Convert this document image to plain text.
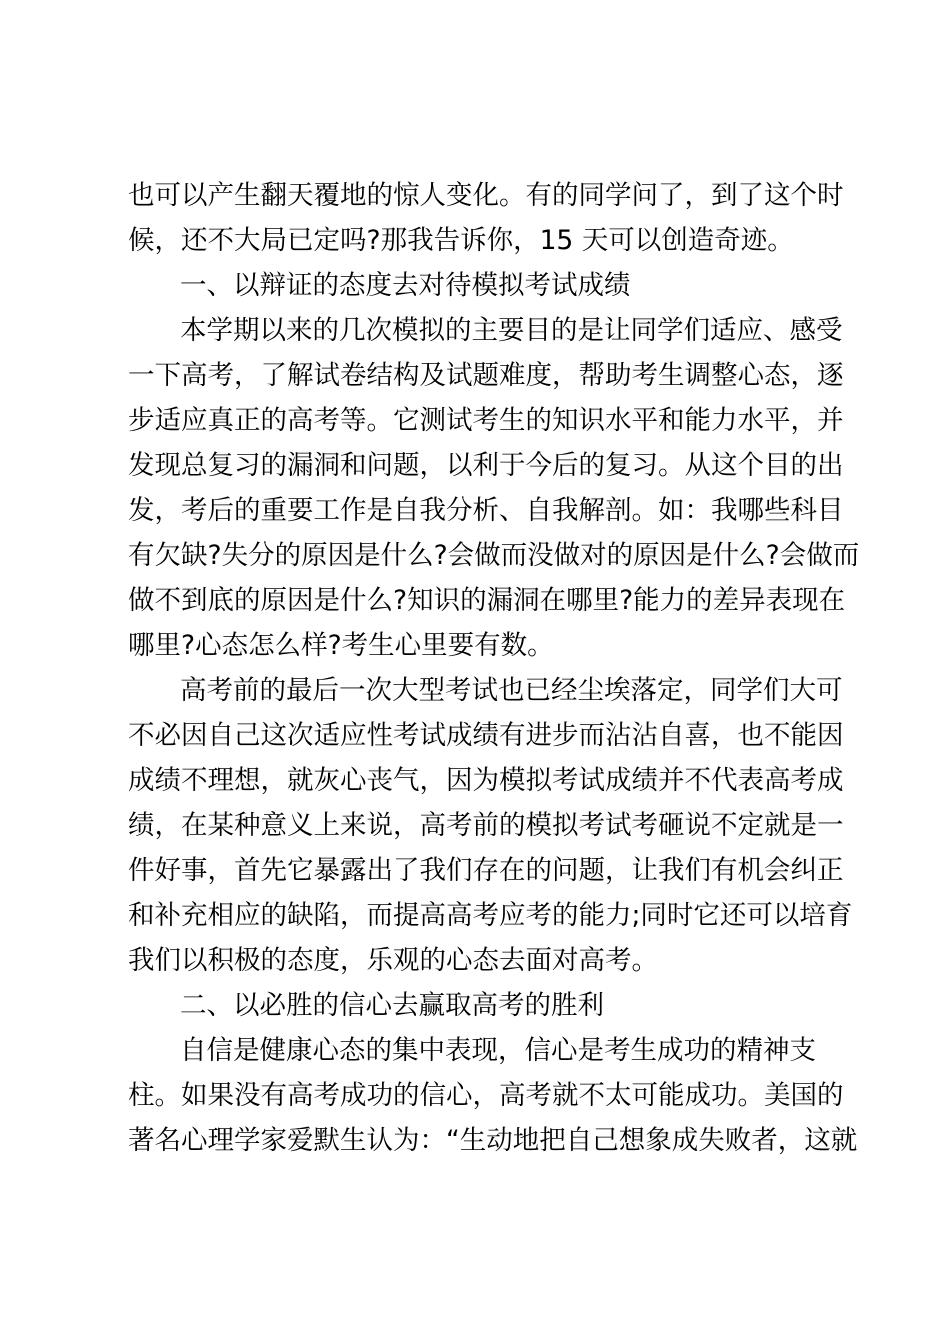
也可以产生翻天覆地的惊人变化。有的同学问了，到了这个时
候，还不大局已定吗?那我告诉你，15 天可以创造奇迹。
一、以辩证的态度去对待模拟考试成绩
本学期以来的几次模拟的主要目的是让同学们适应、感受
一下高考，了解试卷结构及试题难度，帮助考生调整心态，逐
步适应真正的高考等。它测试考生的知识水平和能力水平，并
发现总复习的漏洞和问题，以利于今后的复习。从这个目的出
发，考后的重要工作是自我分析、自我解剖。如：我哪些科目
有欠缺?失分的原因是什么?会做而没做对的原因是什么?会做而
做不到底的原因是什么?知识的漏洞在哪里?能力的差异表现在
哪里?心态怎么样?考生心里要有数。
高考前的最后一次大型考试也已经尘埃落定，同学们大可
不必因自己这次适应性考试成绩有进步而沾沾自喜，也不能因
成绩不理想，就灰心丧气，因为模拟考试成绩并不代表高考成
绩，在某种意义上来说，高考前的模拟考试考砸说不定就是一
件好事，首先它暴露出了我们存在的问题，让我们有机会纠正
和补充相应的缺陷，而提高高考应考的能力;同时它还可以培育
我们以积极的态度，乐观的心态去面对高考。
二、以必胜的信心去赢取高考的胜利
自信是健康心态的集中表现，信心是考生成功的精神支
柱。如果没有高考成功的信心，高考就不太可能成功。美国的
著名心理学家爱默生认为：“生动地把自己想象成失败者，这就
